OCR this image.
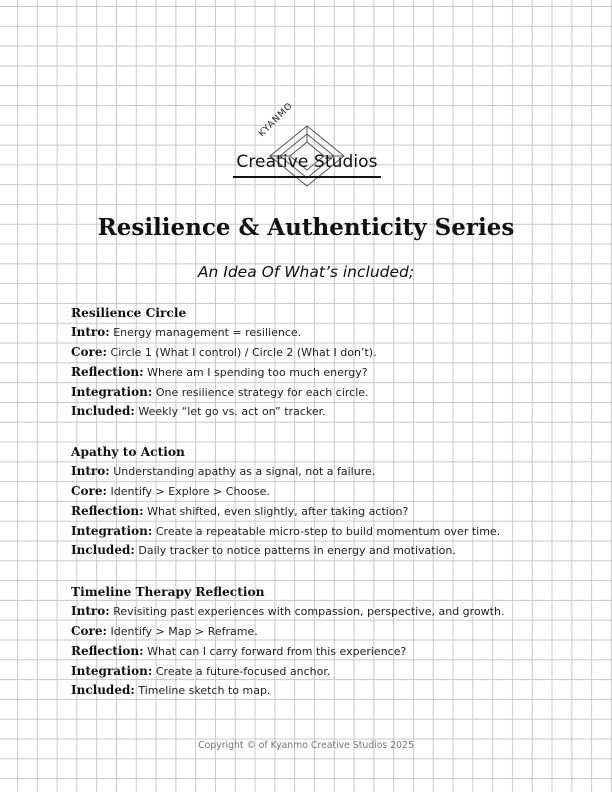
KYANMO
Creative Studios
Resilience & Authenticity Series
An Idea Of What’s included;
Resilience Circle
Intro: Energy management = resilience.
Core: Circle 1 (What I control) / Circle 2 (What I don’t).
Reflection: Where am I spending too much energy?
Integration: One resilience strategy for each circle.
Included: Weekly “let go vs. act on” tracker.
Apathy to Action
Intro: Understanding apathy as a signal, not a failure.
Core: Identify > Explore > Choose.
Reflection: What shifted, even slightly, after taking action?
Integration: Create a repeatable micro-step to build momentum over time.
Included: Daily tracker to notice patterns in energy and motivation.
Timeline Therapy Reflection
Intro: Revisiting past experiences with compassion, perspective, and growth.
Core: Identify > Map > Reframe.
Reflection: What can I carry forward from this experience?
Integration: Create a future-focused anchor.
Included: Timeline sketch to map.
Copyright © of Kyanmo Creative Studios 2025
